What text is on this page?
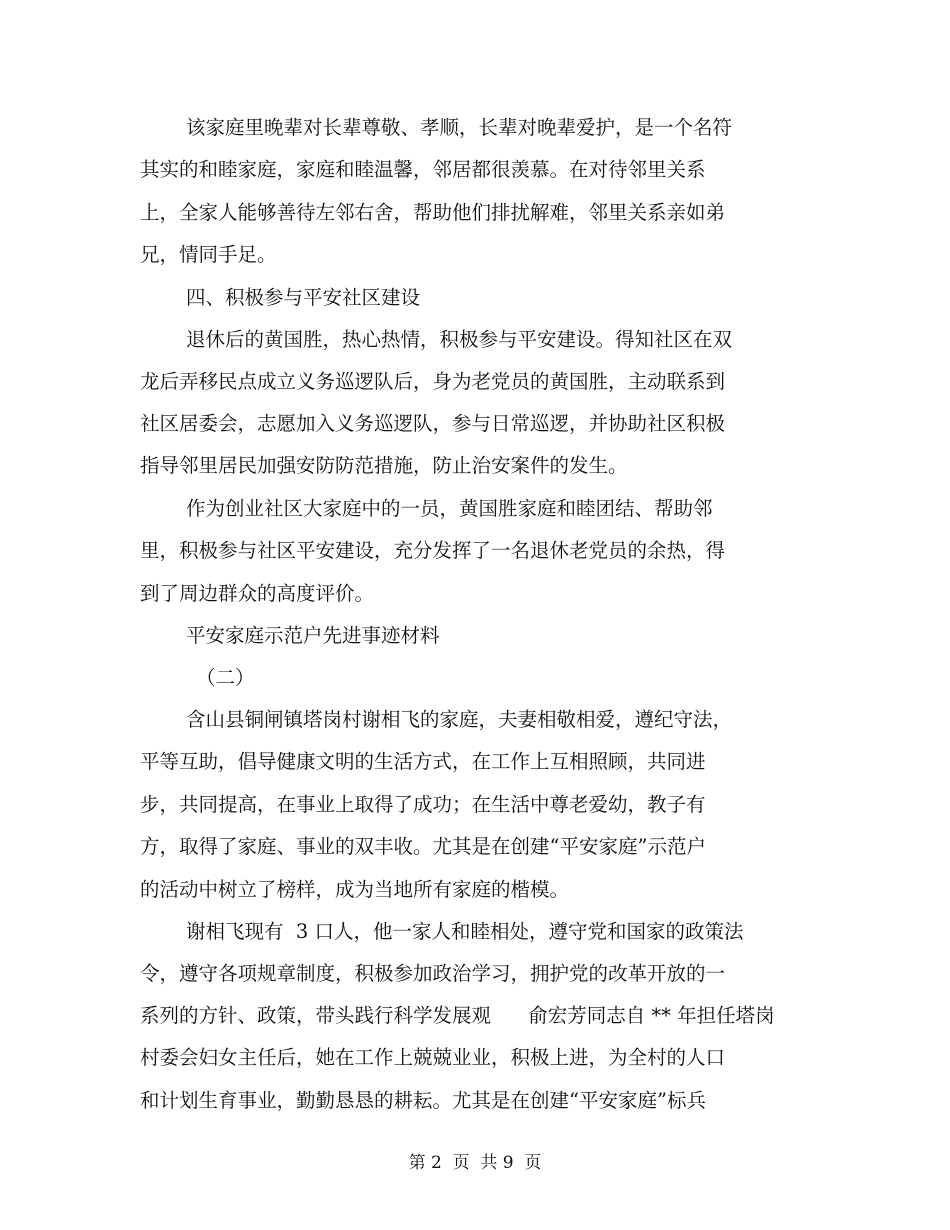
该家庭里晚辈对长辈尊敬、孝顺，长辈对晚辈爱护，是一个名符
其实的和睦家庭，家庭和睦温馨，邻居都很羡慕。在对待邻里关系
上，全家人能够善待左邻右舍，帮助他们排扰解难，邻里关系亲如弟
兄，情同手足。
四、积极参与平安社区建设
退休后的黄国胜，热心热情，积极参与平安建设。得知社区在双
龙后弄移民点成立义务巡逻队后，身为老党员的黄国胜，主动联系到
社区居委会，志愿加入义务巡逻队，参与日常巡逻，并协助社区积极
指导邻里居民加强安防防范措施，防止治安案件的发生。
作为创业社区大家庭中的一员，黄国胜家庭和睦团结、帮助邻
里，积极参与社区平安建设，充分发挥了一名退休老党员的余热，得
到了周边群众的高度评价。
平安家庭示范户先进事迹材料
（二）
含山县铜闸镇塔岗村谢相飞的家庭，夫妻相敬相爱，遵纪守法，
平等互助，倡导健康文明的生活方式，在工作上互相照顾，共同进
步，共同提高，在事业上取得了成功；在生活中尊老爱幼，教子有
方，取得了家庭、事业的双丰收。尤其是在创建“平安家庭”示范户
的活动中树立了榜样，成为当地所有家庭的楷模。
谢相飞现有  3 口人，他一家人和睦相处，遵守党和国家的政策法
令，遵守各项规章制度，积极参加政治学习，拥护党的改革开放的一
系列的方针、政策，带头践行科学发展观      俞宏芳同志自 ** 年担任塔岗
村委会妇女主任后，她在工作上兢兢业业，积极上进，为全村的人口
和计划生育事业，勤勤恳恳的耕耘。尤其是在创建“平安家庭”标兵
第 2  页  共 9  页
